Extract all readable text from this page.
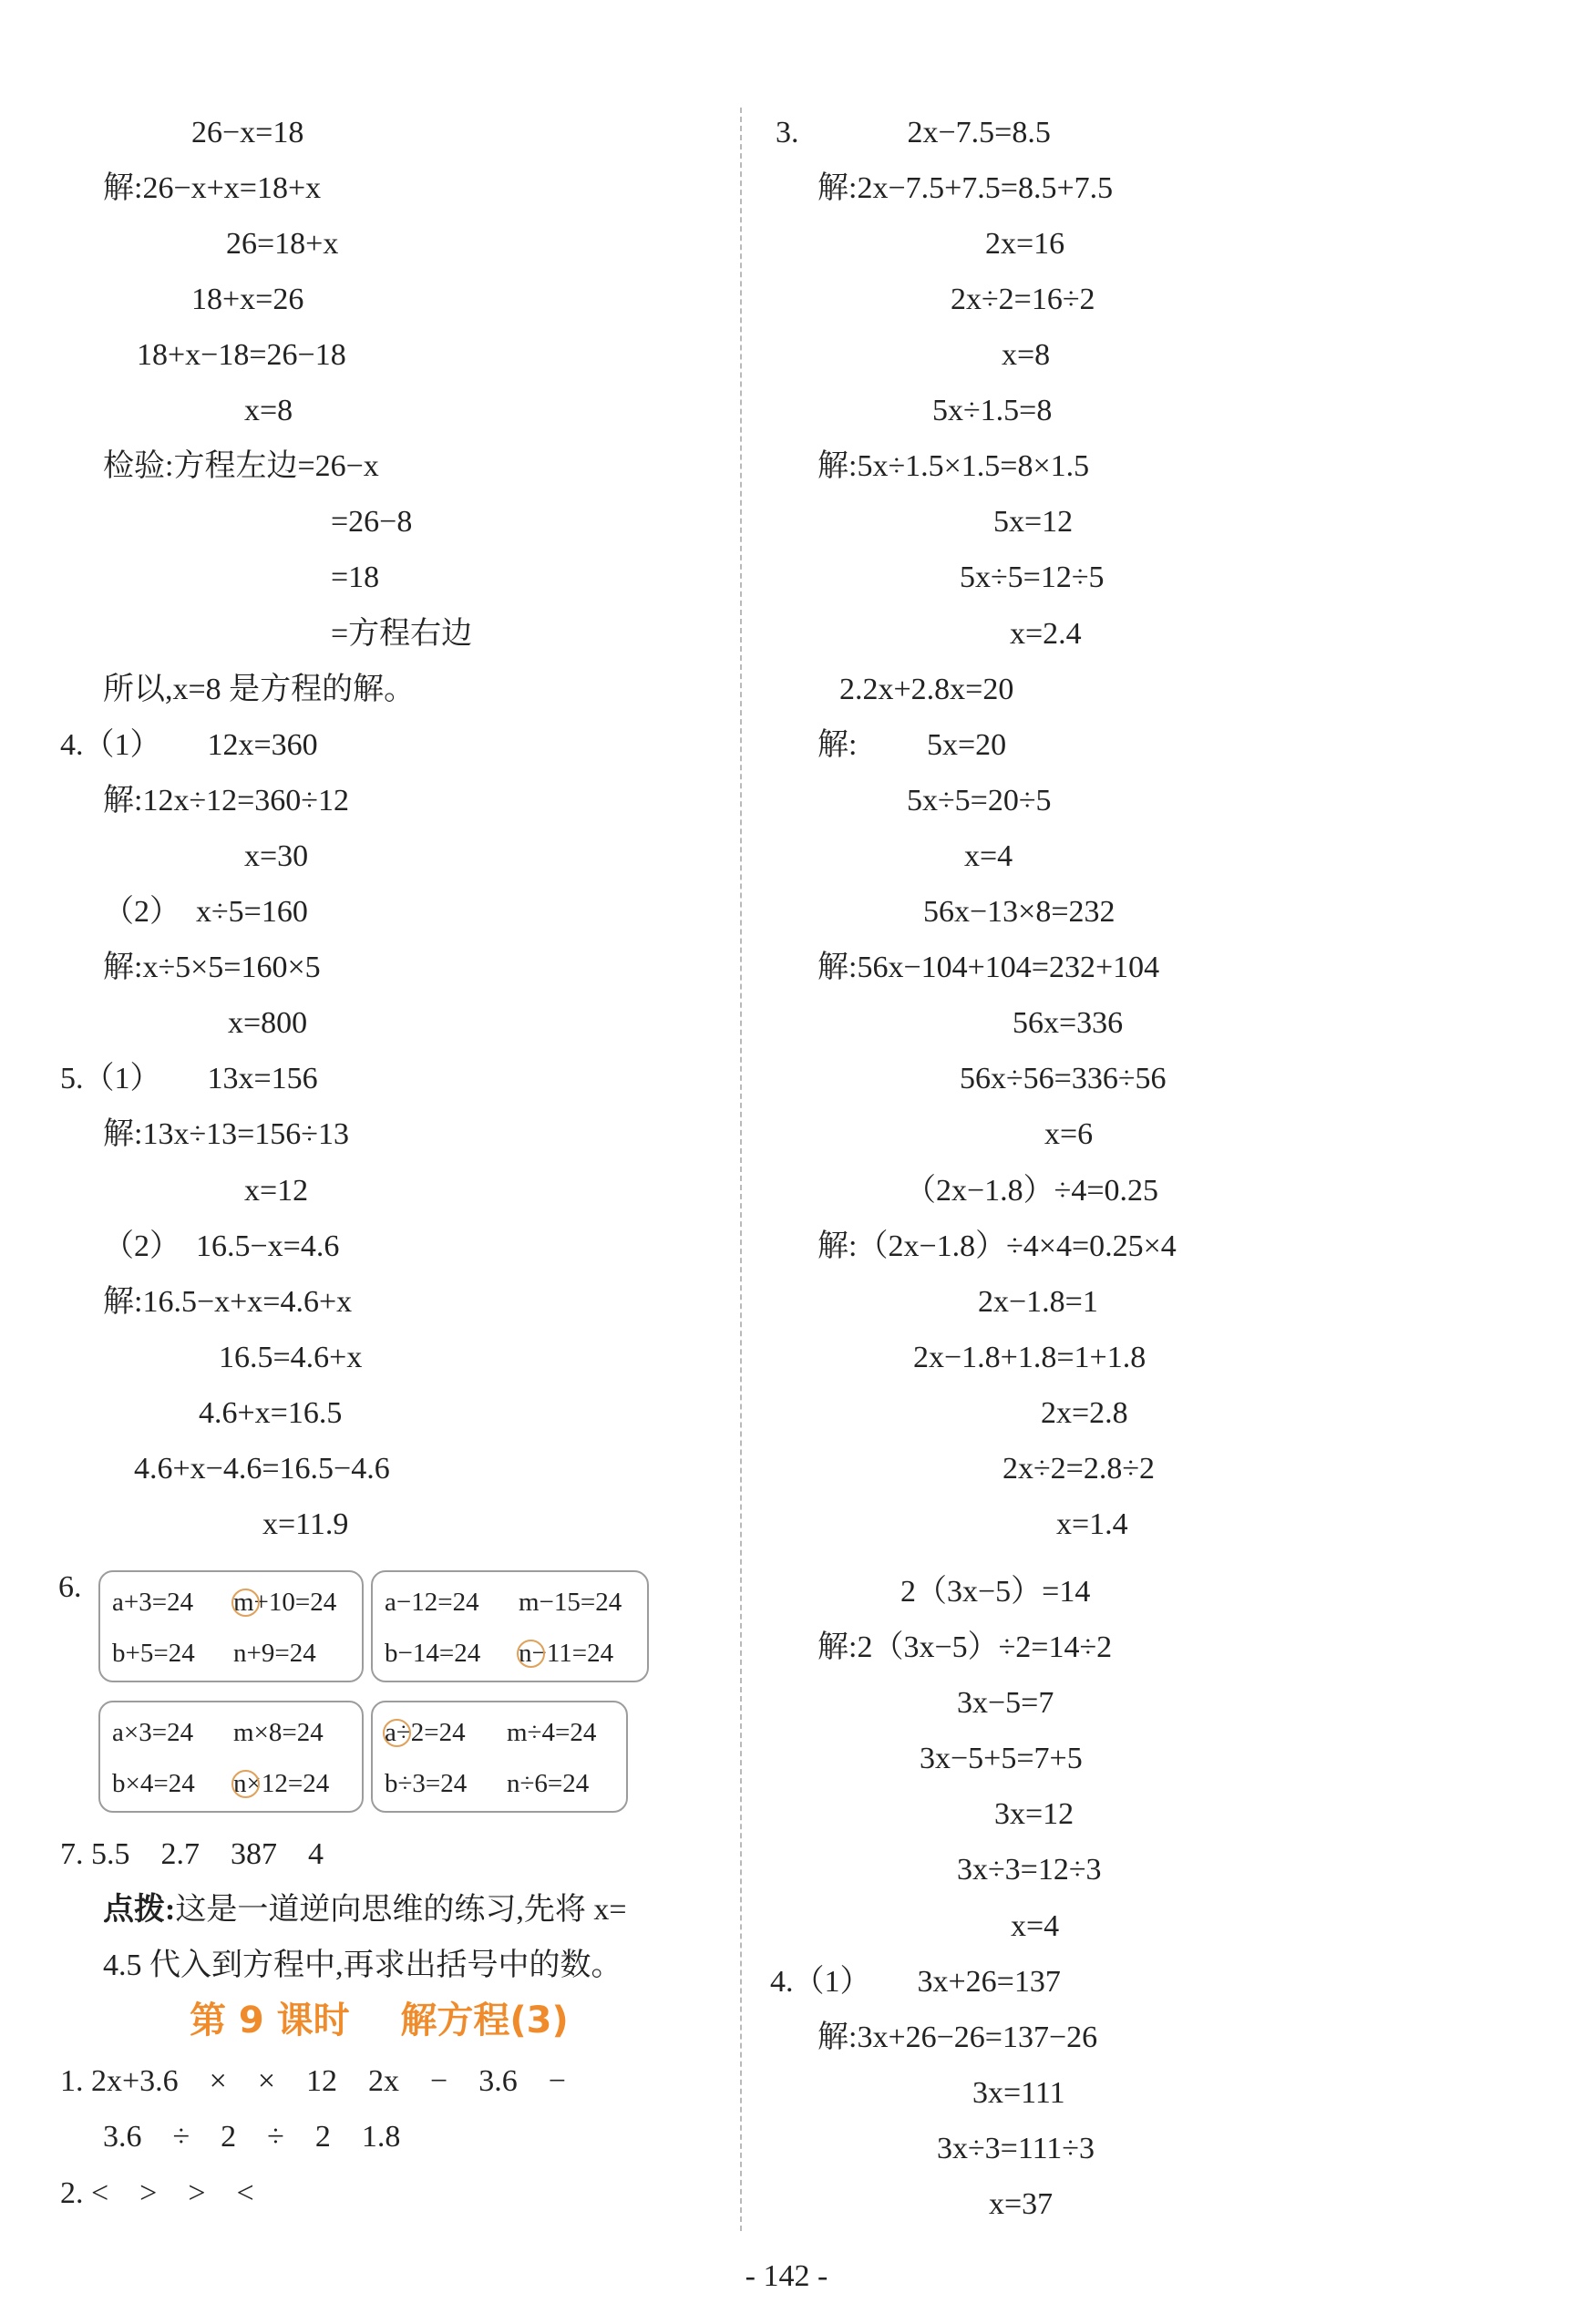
26−x=18
解:26−x+x=18+x
26=18+x
18+x=26
18+x−18=26−18
x=8
检验:方程左边=26−x
=26−8
=18
=方程右边
所以,x=8 是方程的解。
4.（1）      12x=360
解:12x÷12=360÷12
x=30
（2）  x÷5=160
解:x÷5×5=160×5
x=800
5.（1）      13x=156
解:13x÷13=156÷13
x=12
（2）  16.5−x=4.6
解:16.5−x+x=4.6+x
16.5=4.6+x
4.6+x=16.5
4.6+x−4.6=16.5−4.6
x=11.9
6. a+3=24 m+10=24
b+5=24 n+9=24
a−12=24 m−15=24
b−14=24 n−11=24
a×3=24 m×8=24
b×4=24 n×12=24
a÷2=24 m÷4=24
b÷3=24 n÷6=24
7. 5.5    2.7    387    4
点拨:这是一道逆向思维的练习,先将 x=
4.5 代入到方程中,再求出括号中的数。
第 9 课时    解方程(3)
1. 2x+3.6    ×    ×    12    2x    −    3.6    −
3.6    ÷    2    ÷    2    1.8
2. <    >    >    <
3.              2x−7.5=8.5
解:2x−7.5+7.5=8.5+7.5
2x=16
2x÷2=16÷2
x=8
5x÷1.5=8
解:5x÷1.5×1.5=8×1.5
5x=12
5x÷5=12÷5
x=2.4
2.2x+2.8x=20
解:         5x=20
5x÷5=20÷5
x=4
56x−13×8=232
解:56x−104+104=232+104
56x=336
56x÷56=336÷56
x=6
（2x−1.8）÷4=0.25
解:（2x−1.8）÷4×4=0.25×4
2x−1.8=1
2x−1.8+1.8=1+1.8
2x=2.8
2x÷2=2.8÷2
x=1.4
2（3x−5）=14
解:2（3x−5）÷2=14÷2
3x−5=7
3x−5+5=7+5
3x=12
3x÷3=12÷3
x=4
4.（1）      3x+26=137
解:3x+26−26=137−26
3x=111
3x÷3=111÷3
x=37
- 142 -
